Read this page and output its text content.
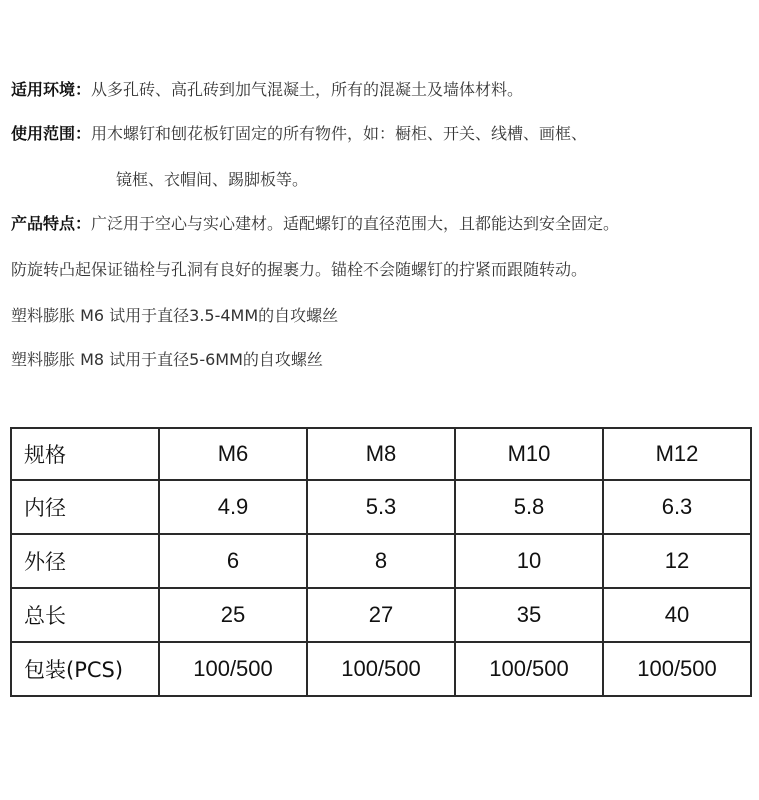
适用环境：从多孔砖、高孔砖到加气混凝土，所有的混凝土及墙体材料。
使用范围：用木螺钉和刨花板钉固定的所有物件，如：橱柜、开关、线槽、画框、
镜框、衣帽间、踢脚板等。
产品特点：广泛用于空心与实心建材。适配螺钉的直径范围大，且都能达到安全固定。
防旋转凸起保证锚栓与孔洞有良好的握裹力。锚栓不会随螺钉的拧紧而跟随转动。
塑料膨胀 M6 试用于直径3.5-4MM的自攻螺丝
塑料膨胀 M8 试用于直径5-6MM的自攻螺丝
规格	M6	M8	M10	M12
内径	4.9	5.3	5.8	6.3
外径	6	8	10	12
总长	25	27	35	40
包装(PCS)	100/500	100/500	100/500	100/500
